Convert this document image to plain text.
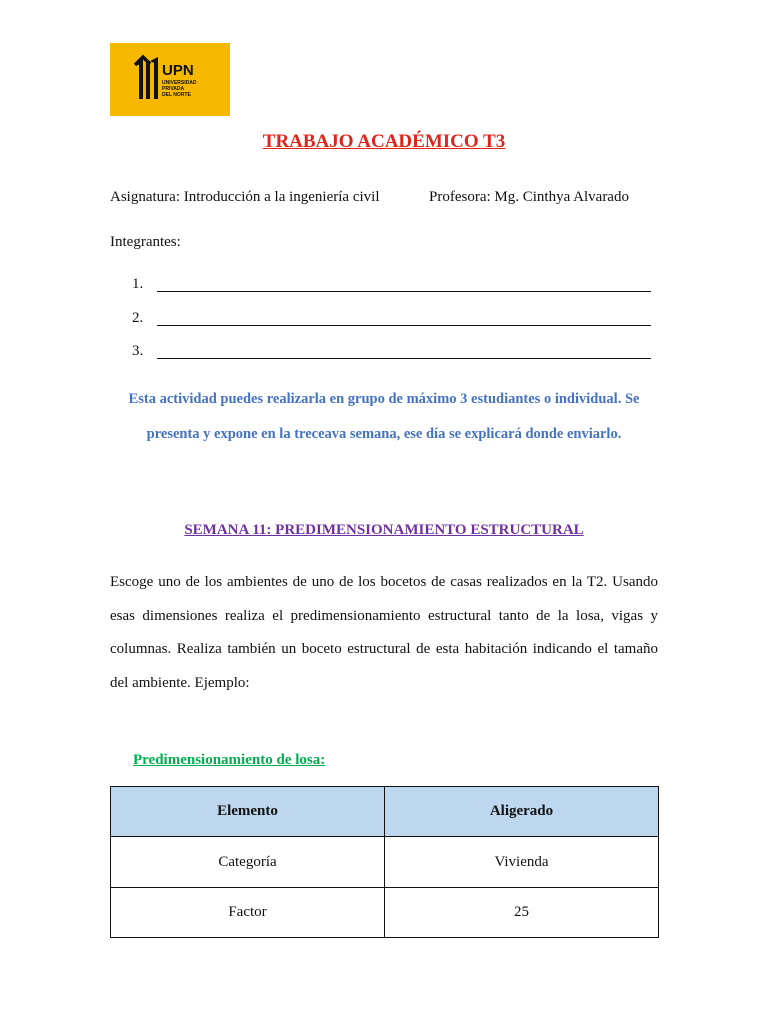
UPN
UNIVERSIDAD
PRIVADA
DEL NORTE
TRABAJO ACADÉMICO T3
Asignatura: Introducción a la ingeniería civil	Profesora: Mg. Cinthya Alvarado
Integrantes:
1.
2.
3.
Esta actividad puedes realizarla en grupo de máximo 3 estudiantes o individual. Se
presenta y expone en la treceava semana, ese día se explicará donde enviarlo.
SEMANA 11: PREDIMENSIONAMIENTO ESTRUCTURAL
Escoge uno de los ambientes de uno de los bocetos de casas realizados en la T2. Usando esas dimensiones realiza el predimensionamiento estructural tanto de la losa, vigas y columnas. Realiza también un boceto estructural de esta habitación indicando el tamaño del ambiente. Ejemplo:
Predimensionamiento de losa:
Elemento	Aligerado
Categoría	Vivienda
Factor	25
